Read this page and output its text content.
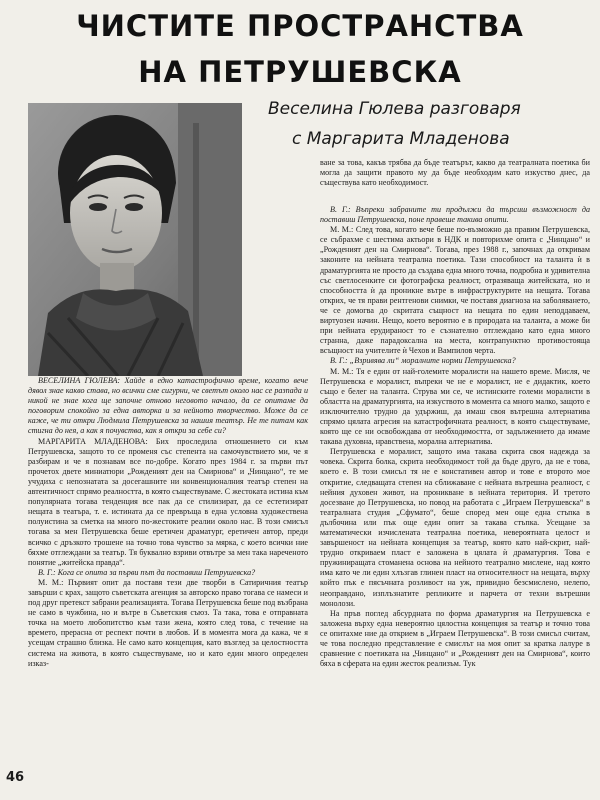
ЧИСТИТЕ ПРОСТРАНСТВА
НА ПЕТРУШЕВСКА
Веселина Гюлева разговаря
с Маргарита Младенова

ВЕСЕЛИНА ГЮЛЕВА: Хайде в едно катастрофично време, когато вече дявол знае какво става, но всички сме сигурни, че светът около нас се разпада и никой не знае кога ще започне отново неговото начало, да се опитаме да поговорим спокойно за една авторка и за нейното творчество. Може да се каже, че ти откри Людмила Петрушевска за нашия театър. Не те питам как стигна до нея, а как я почувства, как я откри за себе си?

МАРГАРИТА МЛАДЕНОВА: Бих проследила отношението си към Петрушевска, защото то се променя със степента на самочувствието ми, че я разбирам и че я познавам все по-добре. Когато през 1984 г. за първи път прочетох двете миниатюри „Рожденият ден на Смирнова“ и „Чинцано“, те ме учудиха с непознатата за досегашните ни конвенционалния театър степен на автентичност спрямо реалността, в която съществуваме. С жестоката истина към популярната тогава тенденция все пак да се стилизират, да се естетизират нещата в театъра, т. е. истината да се превръща в една условна художествена полуистина за сметка на много по-жестоките реалии около нас. В този смисъл тогава за мен Петрушевска беше еретичен драматург, еретичен автор, преди всичко с дръзкото трошене на точно това чувство за мярка, с което всички ние бяхме отглеждани за театър. Тя буквално взриви отвътре за мен така нареченото понятие „житейска правда“.

В. Г.: Кога се опита за първи път да поставиш Петрушевска?

М. М.: Първият опит да поставя тези две творби в Сатиричния театър завърши с крах, защото съветската агенция за авторско право тогава се намеси и под друг претекст забрани реализацията. Тогава Петрушевска беше под възбрана не само в чужбина, но и вътре в Съветския съюз. Та така, това е отправната точка на моето любопитство към тази жена, която след това, с течение на времето, прерасна от респект почти в любов. И в момента мога да кажа, че я усещам страшно близка. Не само като концепция, като възглед за целостността система на живота, в която съществуваме, но и като един много определен изказ-

ване за това, какъв трябва да бъде театърът, какво да театралната поетика би могла да защити правото му да бъде необходим като изкуство днес, да съществува като необходимост.

В. Г.: Въпреки забраните ти продължи да търсиш възможност да поставиш Петрушевска, поне правеше такива опити.

М. М.: След това, когато вече беше по-възможно да правим Петрушевска, се събрахме с шестима актьори в НДК и повторихме опита с „Чинцано“ и „Рожденият ден на Смирнова“. Тогава, през 1988 г., започнах да откривам законите на нейната театрална поетика. Тази способност на таланта ѝ в драматургията не просто да създава една много точна, подробна и удивителна със светлосенките си фотографска реалност, отразяваща житейската, но и способността ѝ да проникне вътре в инфраструктурите на нещата. Тогава открих, че тя прави рентгенови снимки, че поставя диагноза на заболяването, че се домогва до скритата същност на нещата по един неподдаваем, виртуозен начин. Нещо, което вероятно е в природата на таланта, а може би при нейната ерудираност то е съзнателно отглеждано като една много странна, даже парадоксална на места, контрапунктно противостояща всъщност на учителите ѝ Чехов и Вампилов черта.

В. Г.: „Взривява ли“ моралните норми Петрушевска?

М. М.: Тя е един от най-големите моралисти на нашето време. Мисля, че Петрушевска е моралист, въпреки че не е моралист, не е дидактик, което също е белег на таланта. Струва ми се, че истинските големи моралисти в областта на драматургията, на изкуството в момента са много малко, защото е изключително трудно да удържиш, да имаш своя вътрешна алтернатива спрямо цялата агресия на катастрофичната реалност, в която съществуваме, която ще се ни освобождава от необходимостта, от задължението да имаме такава духовна, нравствена, морална алтернатива.

Петрушевска е моралист, защото има такава скрита своя надежда за човека. Скрита болка, скрита необходимост той да бъде друго, да не е това, което е. В този смисъл тя не е констативен автор и тове е второто мое откритие, следващата степен на сближаване с нейната вътрешна реалност, с нейния духовен живот, на проникване в нейната територия. И третото досезване до Петрушевска, но повод на работата с „Играем Петрушевска“ в театралната студия „Сфумато“, беше според мен още една стъпка в дълбочина или пък още един опит за такава стъпка. Усещане за математически изчислената театрална поетика, невероятната целост и завършеност на нейната концепция за театър, която като най-скрит, най-трудно откриваем пласт е заложена в цялата ѝ драматургия. Това е пружиниращата стоманена основа на нейното театрално мислене, над която има като че ли един хлъзгав глинен пласт на относителност на нещата, върху който пък е пясъчната розливост на уж, привидно безсмислено, нелепо, неоправдано, изплъзнатите репликите и парчета от техни вътрешни монолози.

На пръв поглед абсурдната по форма драматургия на Петрушевска е заложена върху една невероятно цялостна концепция за театър и точно това се опитахме ние да открием в „Играем Петрушевска“. В този смисъл считам, че това последно представление е смислът на моя опит за кратка лалуре в сравнение с поетиката на „Чинцано“ и „Рожденият ден на Смирнова“, които бяха в сферата на един жесток реализъм. Тук

46
